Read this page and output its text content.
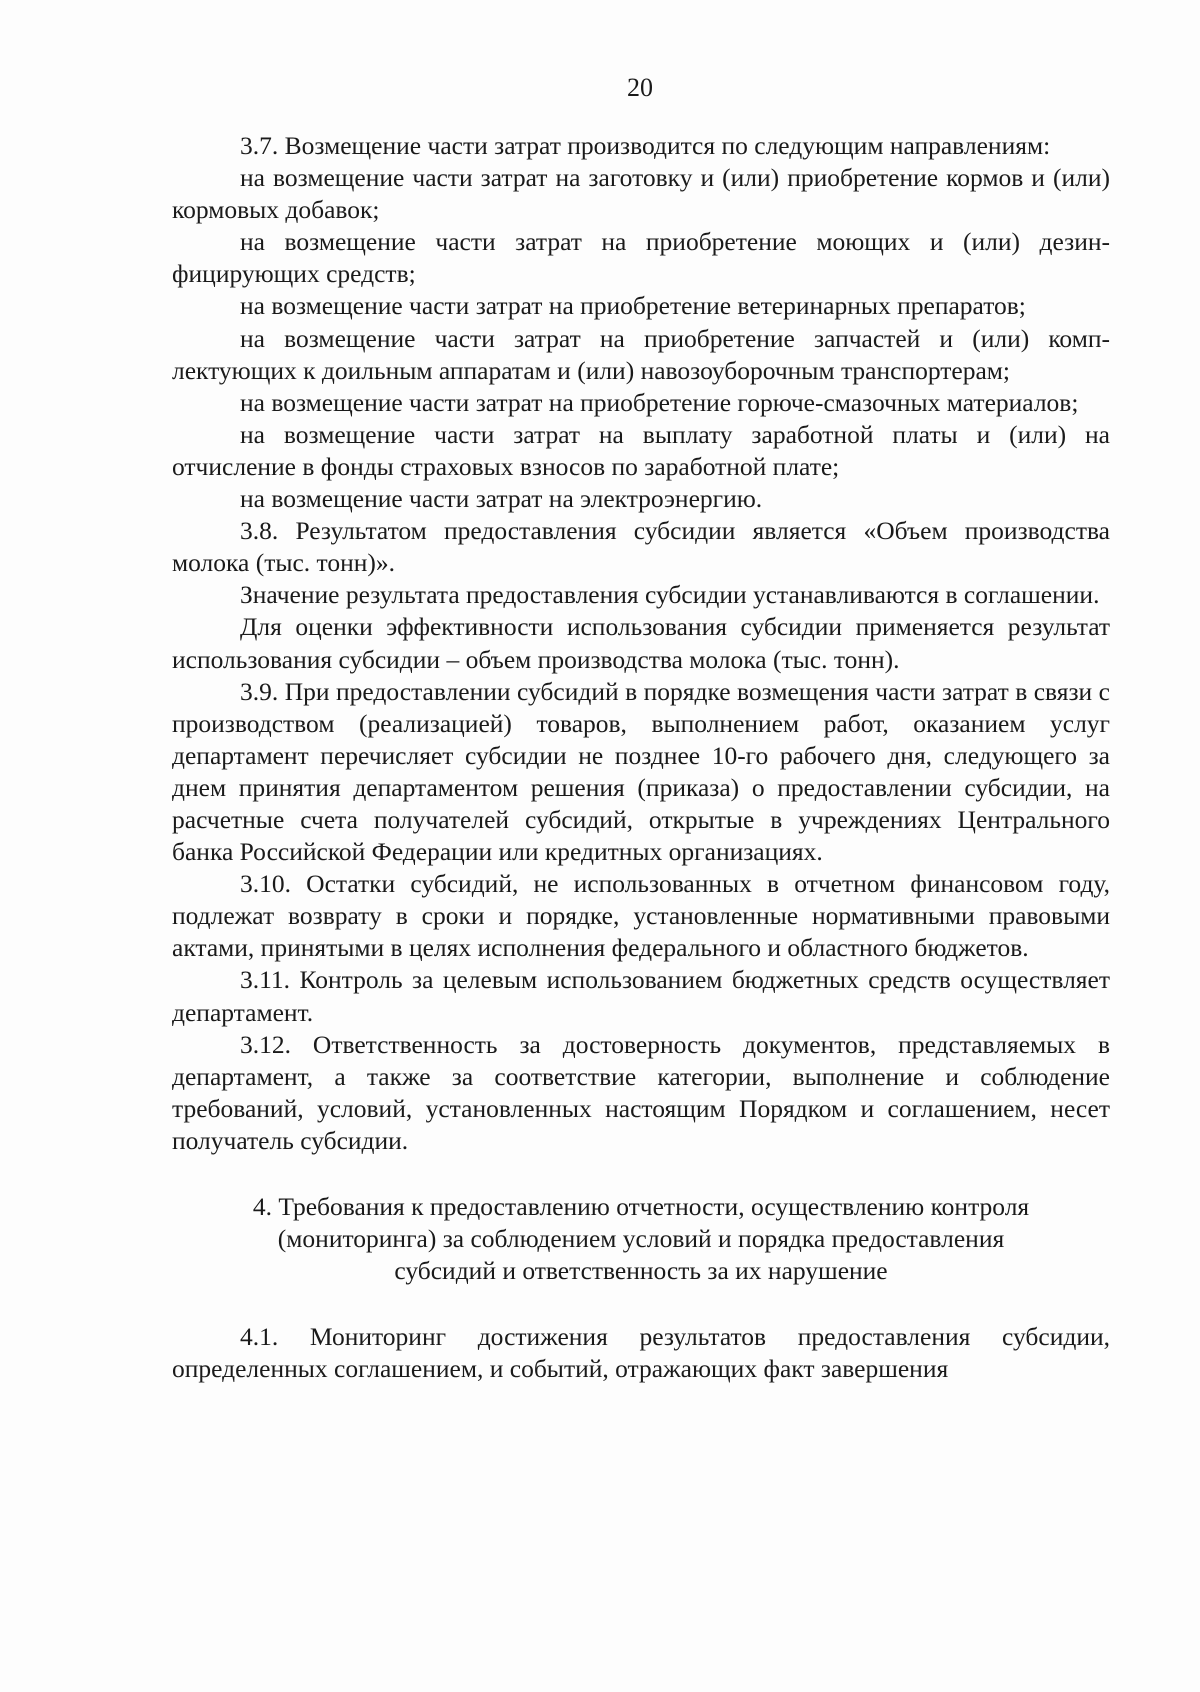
20

3.7. Возмещение части затрат производится по следующим направлениям:

на возмещение части затрат на заготовку и (или) приобретение кормов и (или) кормовых добавок;

на возмещение части затрат на приобретение моющих и (или) дезинфицирующих средств;

на возмещение части затрат на приобретение ветеринарных препаратов;

на возмещение части затрат на приобретение запчастей и (или) комплектующих к доильным аппаратам и (или) навозоуборочным транспортерам;

на возмещение части затрат на приобретение горюче-смазочных материалов;

на возмещение части затрат на выплату заработной платы и (или) на отчисление в фонды страховых взносов по заработной плате;

на возмещение части затрат на электроэнергию.

3.8. Результатом предоставления субсидии является «Объем производства молока (тыс. тонн)».

Значение результата предоставления субсидии устанавливаются в соглашении.

Для оценки эффективности использования субсидии применяется результат использования субсидии – объем производства молока (тыс. тонн).

3.9. При предоставлении субсидий в порядке возмещения части затрат в связи с производством (реализацией) товаров, выполнением работ, оказанием услуг департамент перечисляет субсидии не позднее 10-го рабочего дня, следующего за днем принятия департаментом решения (приказа) о предоставлении субсидии, на расчетные счета получателей субсидий, открытые в учреждениях Центрального банка Российской Федерации или кредитных организациях.

3.10. Остатки субсидий, не использованных в отчетном финансовом году, подлежат возврату в сроки и порядке, установленные нормативными правовыми актами, принятыми в целях исполнения федерального и областного бюджетов.

3.11. Контроль за целевым использованием бюджетных средств осуществляет департамент.

3.12. Ответственность за достоверность документов, представляемых в департамент, а также за соответствие категории, выполнение и соблюдение требований, условий, установленных настоящим Порядком и соглашением, несет получатель субсидии.

4. Требования к предоставлению отчетности, осуществлению контроля
(мониторинга) за соблюдением условий и порядка предоставления
субсидий и ответственность за их нарушение

4.1. Мониторинг достижения результатов предоставления субсидии, определенных соглашением, и событий, отражающих факт завершения
